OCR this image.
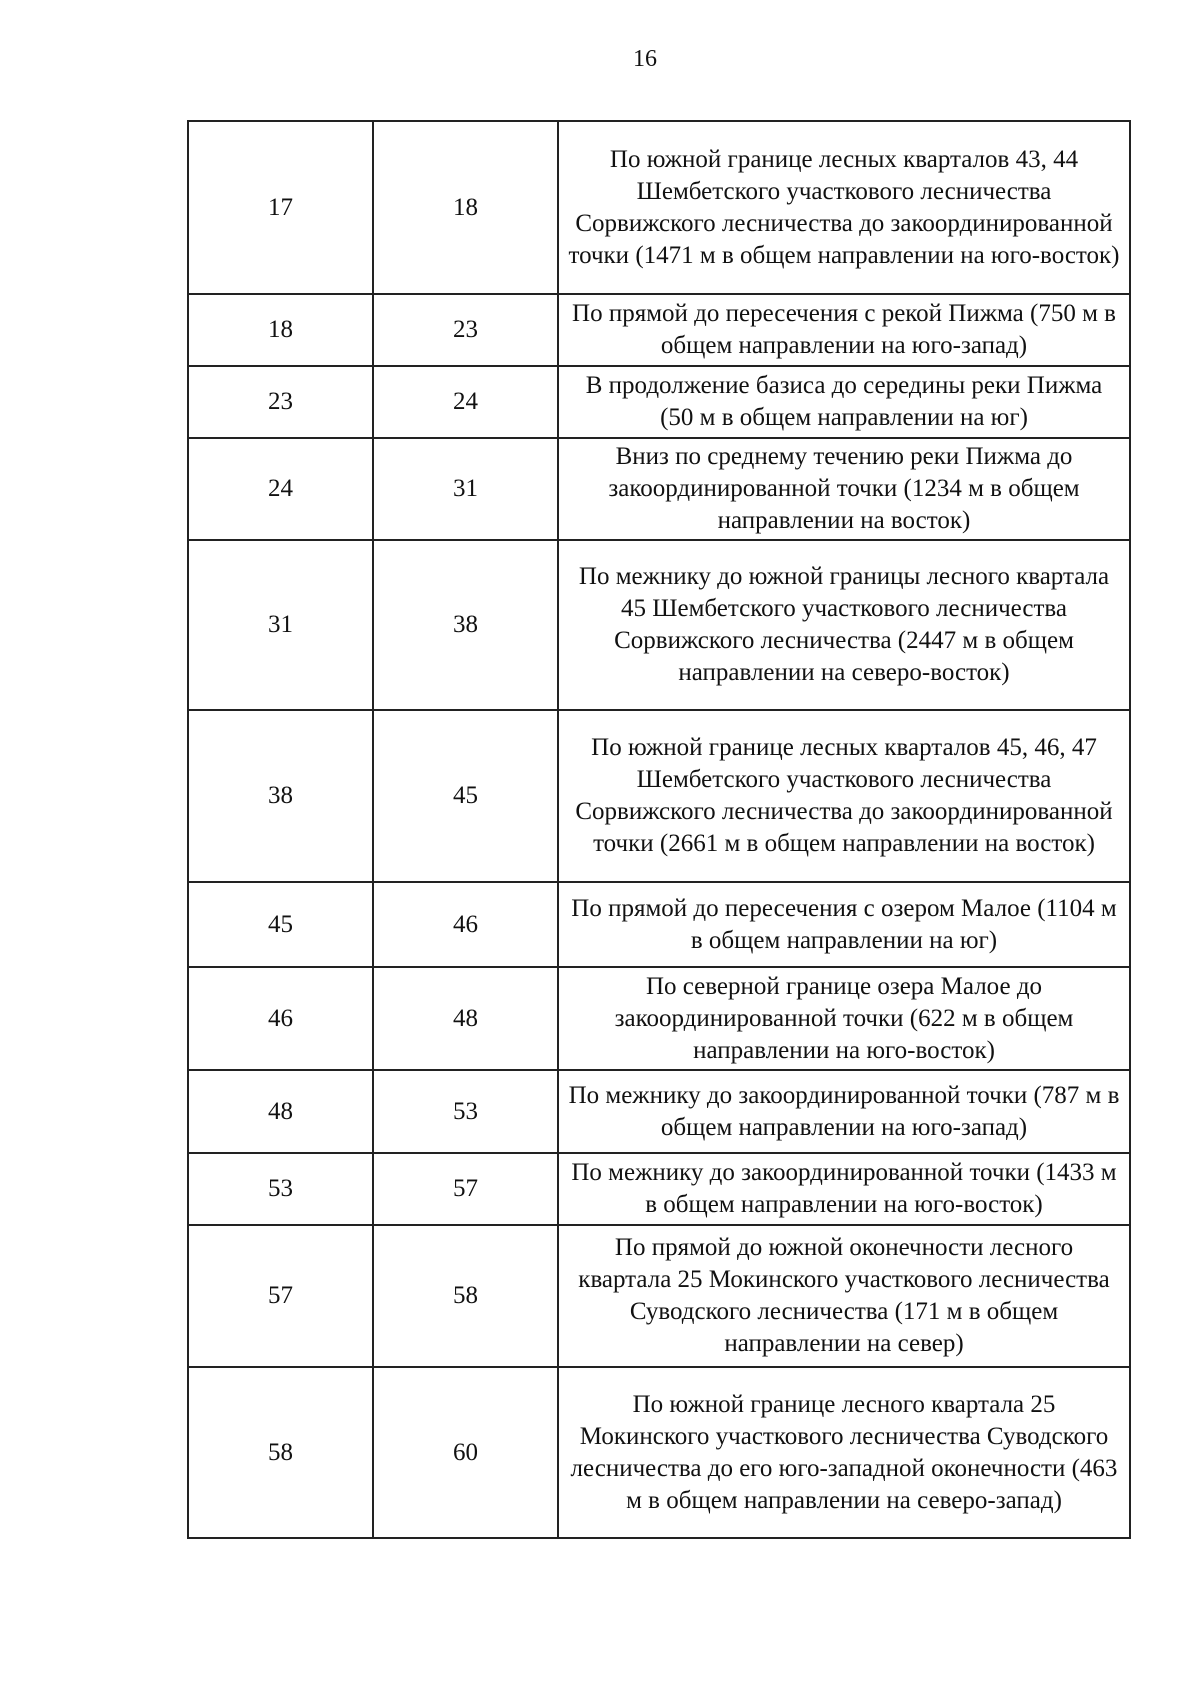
16
17	18	По южной границе лесных кварталов 43, 44 Шембетского участкового лесничества Сорвижского лесничества до закоординированной точки (1471 м в общем направлении на юго-восток)
18	23	По прямой до пересечения с рекой Пижма (750 м в общем направлении на юго-запад)
23	24	В продолжение базиса до середины реки Пижма (50 м в общем направлении на юг)
24	31	Вниз по среднему течению реки Пижма до закоординированной точки (1234 м в общем направлении на восток)
31	38	По межнику до южной границы лесного квартала 45 Шембетского участкового лесничества Сорвижского лесничества (2447 м в общем направлении на северо-восток)
38	45	По южной границе лесных кварталов 45, 46, 47 Шембетского участкового лесничества Сорвижского лесничества до закоординированной точки (2661 м в общем направлении на восток)
45	46	По прямой до пересечения с озером Малое (1104 м в общем направлении на юг)
46	48	По северной границе озера Малое до закоординированной точки (622 м в общем направлении на юго-восток)
48	53	По межнику до закоординированной точки (787 м в общем направлении на юго-запад)
53	57	По межнику до закоординированной точки (1433 м в общем направлении на юго-восток)
57	58	По прямой до южной оконечности лесного квартала 25 Мокинского участкового лесничества Суводского лесничества (171 м в общем направлении на север)
58	60	По южной границе лесного квартала 25 Мокинского участкового лесничества Суводского лесничества до его юго-западной оконечности (463 м в общем направлении на северо-запад)
